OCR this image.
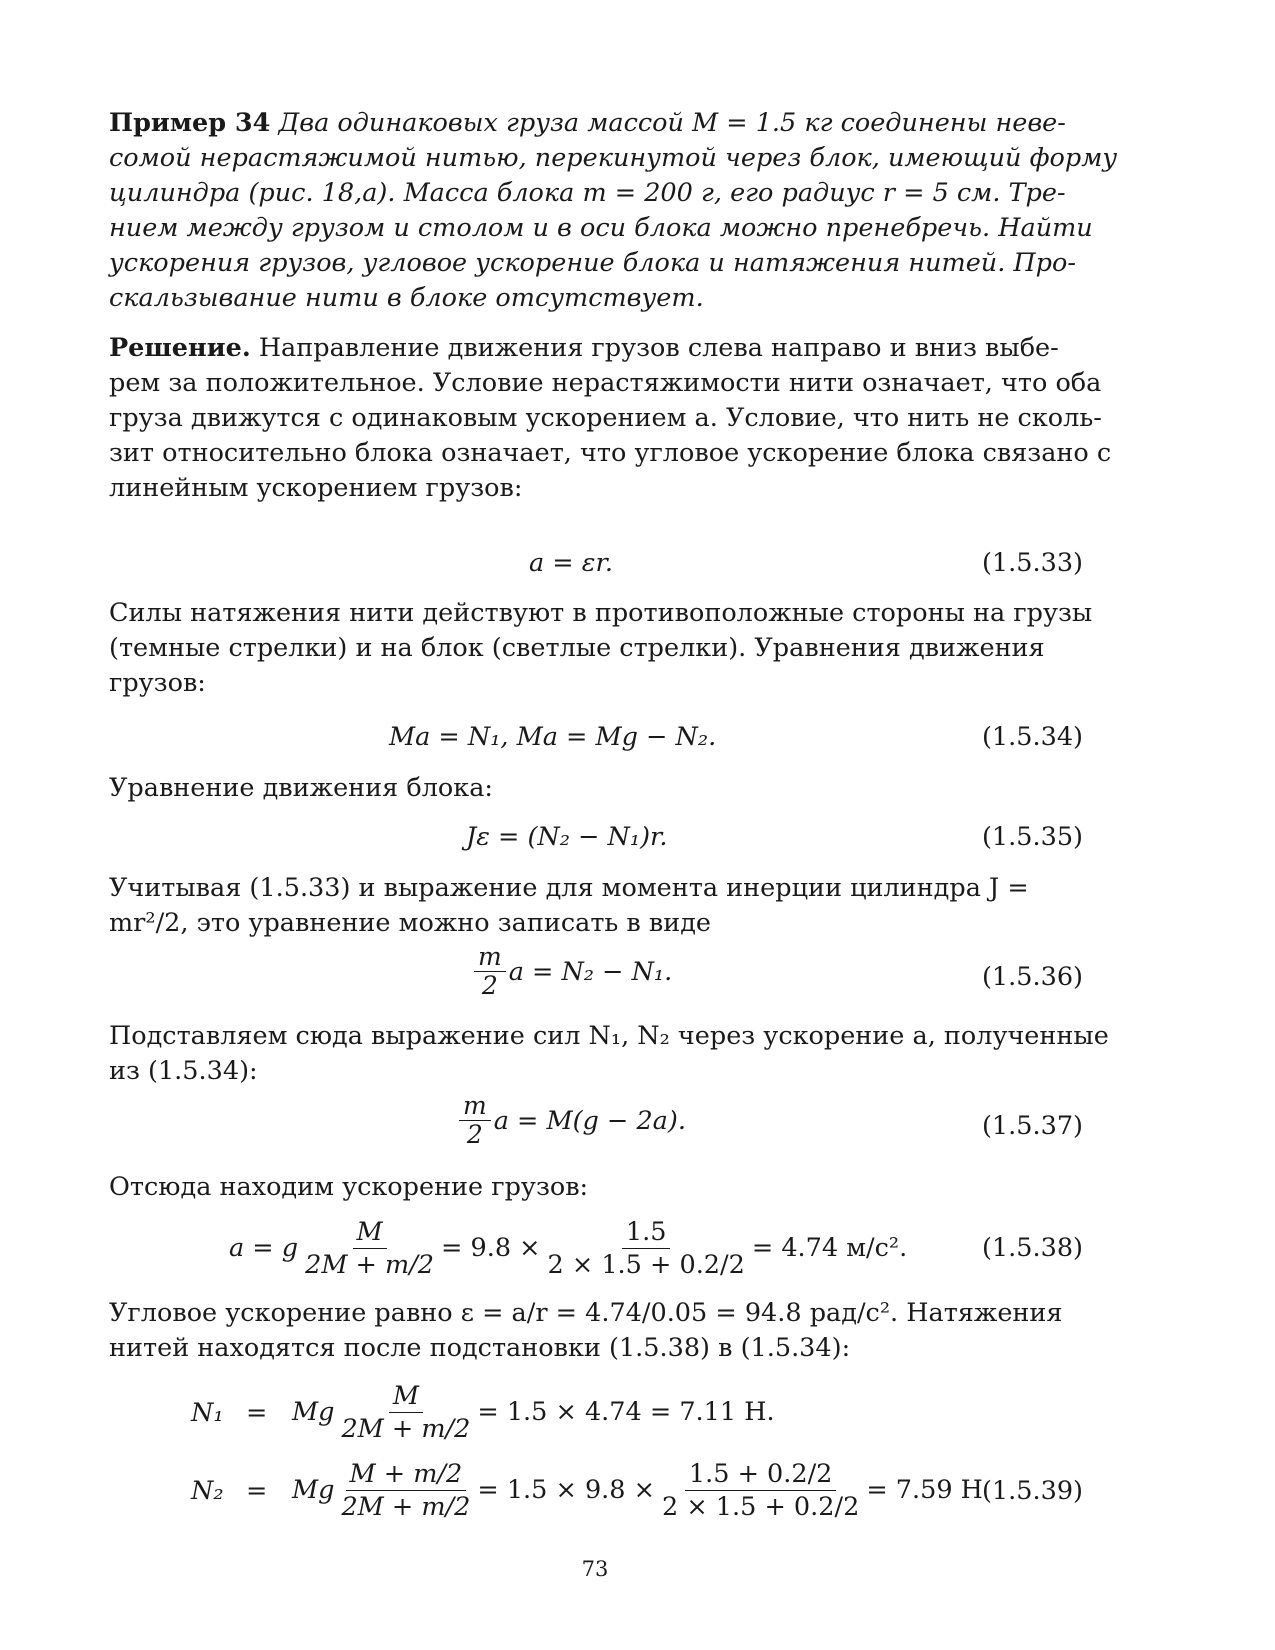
Пример 34 Два одинаковых груза массой M = 1.5 кг соединены неве-
сомой нерастяжимой нитью, перекинутой через блок, имеющий форму
цилиндра (рис. 18,а). Масса блока m = 200 г, его радиус r = 5 см. Тре-
нием между грузом и столом и в оси блока можно пренебречь. Найти
ускорения грузов, угловое ускорение блока и натяжения нитей. Про-
скальзывание нити в блоке отсутствует.
Решение. Направление движения грузов слева направо и вниз выбе-
рем за положительное. Условие нерастяжимости нити означает, что оба
груза движутся с одинаковым ускорением a. Условие, что нить не сколь-
зит относительно блока означает, что угловое ускорение блока связано с
линейным ускорением грузов:
a = εr.	(1.5.33)
Силы натяжения нити действуют в противоположные стороны на грузы
(темные стрелки) и на блок (светлые стрелки). Уравнения движения
грузов:
Ma = N₁, Ma = Mg − N₂.	(1.5.34)
Уравнение движения блока:
Jε = (N₂ − N₁)r.	(1.5.35)
Учитывая (1.5.33) и выражение для момента инерции цилиндра J =
mr²/2, это уравнение можно записать в виде
$\frac{m}{2}$ a = N₂ − N₁.	(1.5.36)
Подставляем сюда выражение сил N₁, N₂ через ускорение a, полученные
из (1.5.34):
$\frac{m}{2}$ a = M(g − 2a).	(1.5.37)
Отсюда находим ускорение грузов:
a = g $\frac{M}{2M + m/2} = 9.8 \times \frac{1.5}{2 \times 1.5 + 0.2/2} = 4.74$ м/с².	(1.5.38)
Угловое ускорение равно ε = a/r = 4.74/0.05 = 94.8 рад/с². Натяжения
нитей находятся после подстановки (1.5.38) в (1.5.34):
N₁ = Mg $\frac{M}{2M + m/2} = 1.5 \times 4.74 = 7.11$ Н.
N₂ = Mg $\frac{M + m/2}{2M + m/2} = 1.5 \times 9.8 \times \frac{1.5 + 0.2/2}{2 \times 1.5 + 0.2/2} = 7.59$ Н (1.5.39)
73
